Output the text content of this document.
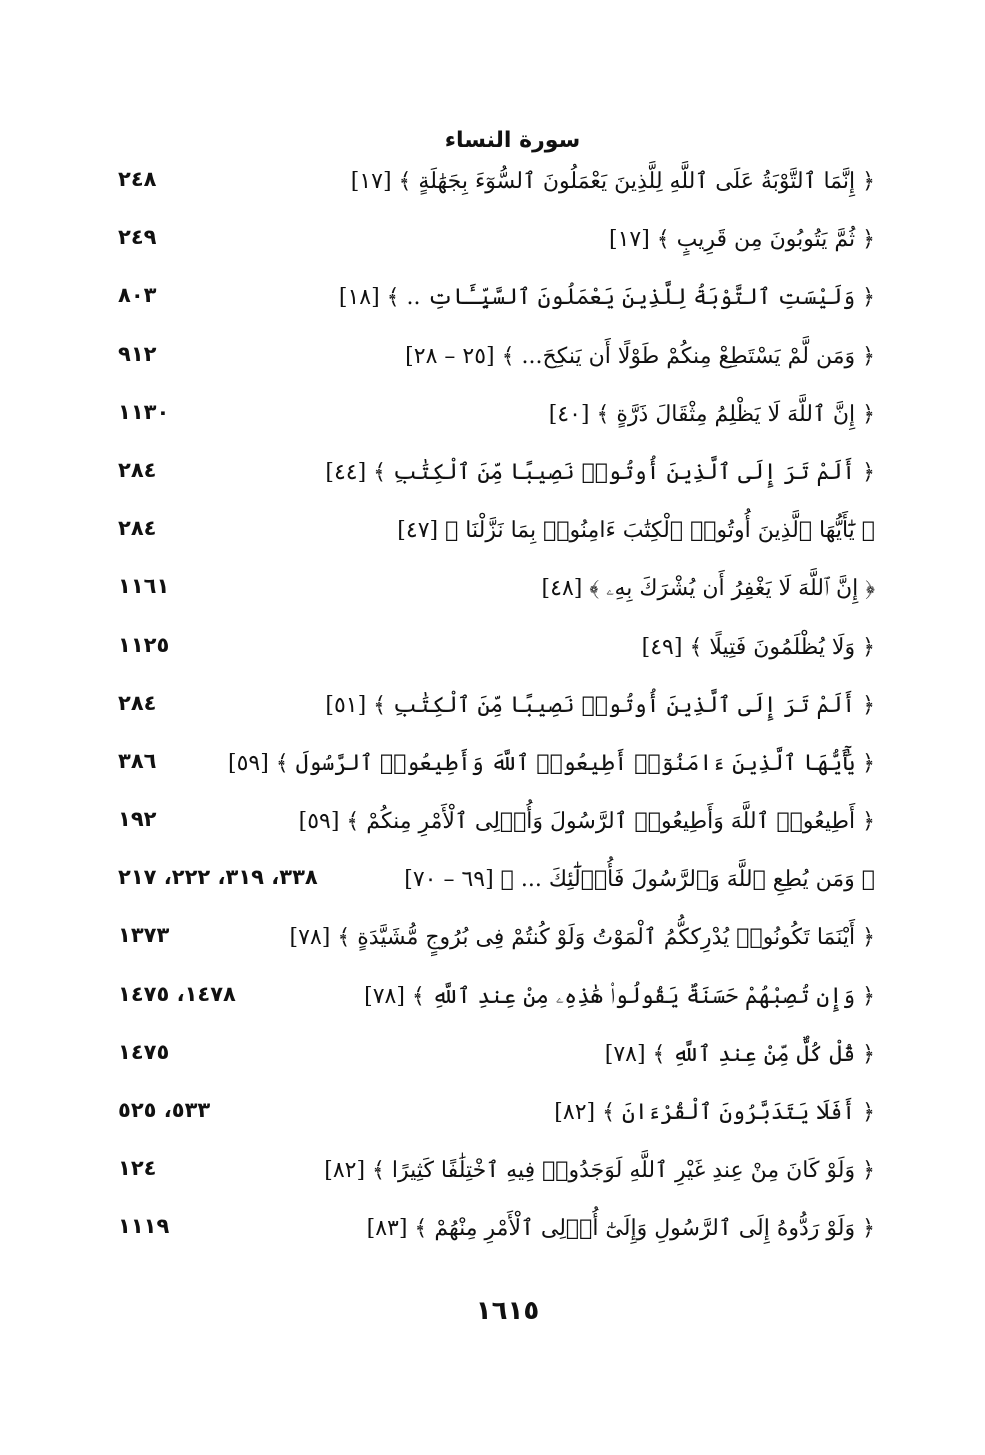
سورة النساء
﴿ إِنَّمَا ٱلتَّوْبَةُ عَلَى ٱللَّهِ لِلَّذِينَ يَعْمَلُونَ ٱلسُّوٓءَ بِجَهَٰلَةٍ ﴾ [١٧]
٢٤٨
﴿ ثُمَّ يَتُوبُونَ مِن قَرِيبٍ ﴾ [١٧]
٢٤٩
﴿ وَلَيْسَتِ ٱلتَّوْبَةُ لِلَّذِينَ يَعْمَلُونَ ٱلسَّيِّـَٔاتِ .. ﴾ [١٨]
٨٠٣
﴿ وَمَن لَّمْ يَسْتَطِعْ مِنكُمْ طَوْلًا أَن يَنكِحَ... ﴾ [٢٥ – ٢٨]
٩١٢
﴿ إِنَّ ٱللَّهَ لَا يَظْلِمُ مِثْقَالَ ذَرَّةٍ ﴾ [٤٠]
١١٣٠
﴿ أَلَمْ تَرَ إِلَى ٱلَّذِينَ أُوتُوا۟ نَصِيبًا مِّنَ ٱلْكِتَٰبِ ﴾ [٤٤]
٢٨٤
﴿ يَٰٓأَيُّهَا ٱلَّذِينَ أُوتُوا۟ ٱلْكِتَٰبَ ءَامِنُوا۟ بِمَا نَزَّلْنَا ﴾ [٤٧]
٢٨٤
﴿ إِنَّ ٱللَّهَ لَا يَغْفِرُ أَن يُشْرَكَ بِهِۦ ﴾ [٤٨]
١١٦١
﴿ وَلَا يُظْلَمُونَ فَتِيلًا ﴾ [٤٩]
١١٢٥
﴿ أَلَمْ تَرَ إِلَى ٱلَّذِينَ أُوتُوا۟ نَصِيبًا مِّنَ ٱلْكِتَٰبِ ﴾ [٥١]
٢٨٤
﴿ يَٰٓأَيُّهَا ٱلَّذِينَ ءَامَنُوٓا۟ أَطِيعُوا۟ ٱللَّهَ وَأَطِيعُوا۟ ٱلرَّسُولَ ﴾ [٥٩]
٣٨٦
﴿ أَطِيعُوا۟ ٱللَّهَ وَأَطِيعُوا۟ ٱلرَّسُولَ وَأُو۟لِى ٱلْأَمْرِ مِنكُمْ ﴾ [٥٩]
١٩٢
﴿ وَمَن يُطِعِ ٱللَّهَ وَٱلرَّسُولَ فَأُو۟لَٰٓئِكَ ... ﴾ [٦٩ – ٧٠]
٣٣٨، ٣١٩، ٢٢٢، ٢١٧
﴿ أَيْنَمَا تَكُونُوا۟ يُدْرِككُّمُ ٱلْمَوْتُ وَلَوْ كُنتُمْ فِى بُرُوجٍ مُّشَيَّدَةٍ ﴾ [٧٨]
١٣٧٣
﴿ وَإِن تُصِبْهُمْ حَسَنَةٌ يَقُولُوا۟ هَٰذِهِۦ مِنْ عِندِ ٱللَّهِ ﴾ [٧٨]
١٤٧٨، ١٤٧٥
﴿ قُلْ كُلٌّ مِّنْ عِندِ ٱللَّهِ ﴾ [٧٨]
١٤٧٥
﴿ أَفَلَا يَتَدَبَّرُونَ ٱلْقُرْءَانَ ﴾ [٨٢]
٥٣٣، ٥٢٥
﴿ وَلَوْ كَانَ مِنْ عِندِ غَيْرِ ٱللَّهِ لَوَجَدُوا۟ فِيهِ ٱخْتِلَٰفًا كَثِيرًا ﴾ [٨٢]
١٢٤
﴿ وَلَوْ رَدُّوهُ إِلَى ٱلرَّسُولِ وَإِلَىٰٓ أُو۟لِى ٱلْأَمْرِ مِنْهُمْ ﴾ [٨٣]
١١١٩
١٦١٥
